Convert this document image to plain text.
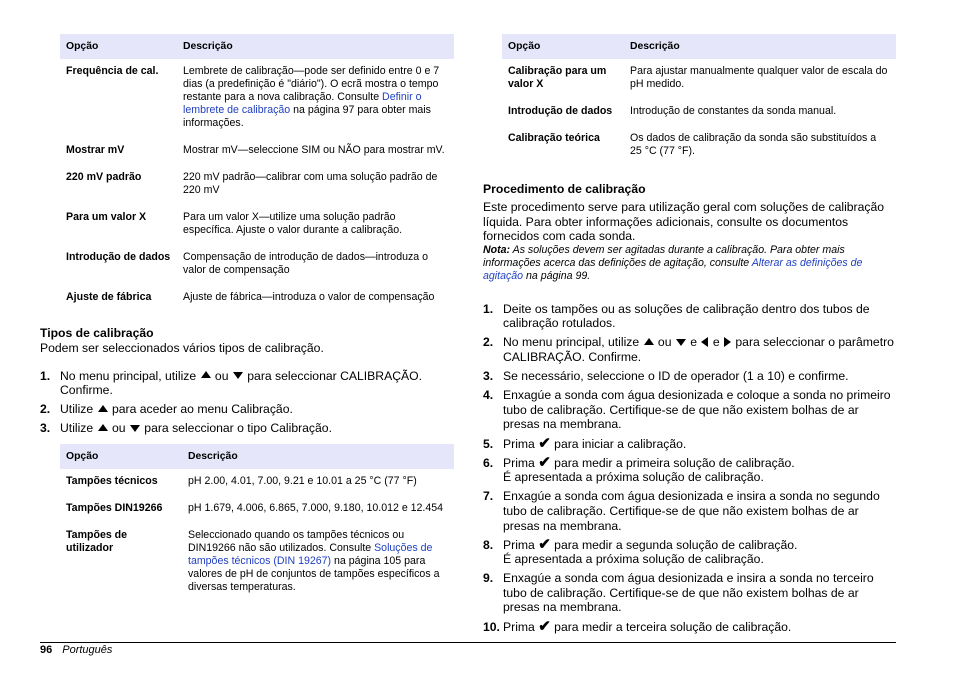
Opção	Descrição
Frequência de cal.	Lembrete de calibração—pode ser definido entre 0 e 7 dias (a predefinição é "diário"). O ecrã mostra o tempo restante para a nova calibração. Consulte Definir o lembrete de calibração na página 97 para obter mais informações.
Mostrar mV	Mostrar mV—seleccione SIM ou NÃO para mostrar mV.
220 mV padrão	220 mV padrão—calibrar com uma solução padrão de 220 mV
Para um valor X	Para um valor X—utilize uma solução padrão específica. Ajuste o valor durante a calibração.
Introdução de dados	Compensação de introdução de dados—introduza o valor de compensação
Ajuste de fábrica	Ajuste de fábrica—introduza o valor de compensação
Tipos de calibração
Podem ser seleccionados vários tipos de calibração.
1. No menu principal, utilize  ou  para seleccionar CALIBRAÇÃO. Confirme.
2. Utilize  para aceder ao menu Calibração.
3. Utilize  ou  para seleccionar o tipo Calibração.
Opção	Descrição
Tampões técnicos	pH 2.00, 4.01, 7.00, 9.21 e 10.01 a 25 °C (77 °F)
Tampões DIN19266	pH 1.679, 4.006, 6.865, 7.000, 9.180, 10.012 e 12.454
Tampões de utilizador	Seleccionado quando os tampões técnicos ou DIN19266 não são utilizados. Consulte Soluções de tampões técnicos (DIN 19267) na página 105 para valores de pH de conjuntos de tampões específicos a diversas temperaturas.
Opção	Descrição
Calibração para um valor X	Para ajustar manualmente qualquer valor de escala do pH medido.
Introdução de dados	Introdução de constantes da sonda manual.
Calibração teórica	Os dados de calibração da sonda são substituídos a 25 °C (77 °F).
Procedimento de calibração
Este procedimento serve para utilização geral com soluções de calibração líquida. Para obter informações adicionais, consulte os documentos fornecidos com cada sonda.
Nota: As soluções devem ser agitadas durante a calibração. Para obter mais informações acerca das definições de agitação, consulte Alterar as definições de agitação na página 99.
1. Deite os tampões ou as soluções de calibração dentro dos tubos de calibração rotulados.
2. No menu principal, utilize  ou  e  e  para seleccionar o parâmetro CALIBRAÇÃO. Confirme.
3. Se necessário, seleccione o ID de operador (1 a 10) e confirme.
4. Enxagúe a sonda com água desionizada e coloque a sonda no primeiro tubo de calibração. Certifique-se de que não existem bolhas de ar presas na membrana.
5. Prima ✔ para iniciar a calibração.
6. Prima ✔ para medir a primeira solução de calibração.
É apresentada a próxima solução de calibração.
7. Enxagúe a sonda com água desionizada e insira a sonda no segundo tubo de calibração. Certifique-se de que não existem bolhas de ar presas na membrana.
8. Prima ✔ para medir a segunda solução de calibração.
É apresentada a próxima solução de calibração.
9. Enxagúe a sonda com água desionizada e insira a sonda no terceiro tubo de calibração. Certifique-se de que não existem bolhas de ar presas na membrana.
10. Prima ✔ para medir a terceira solução de calibração.
96 Português
